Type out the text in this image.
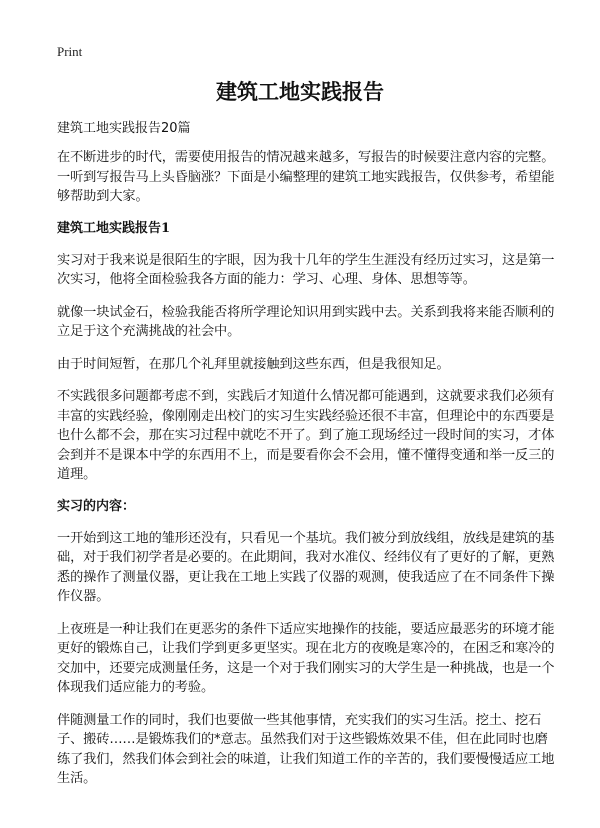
Print
建筑工地实践报告

建筑工地实践报告20篇

在不断进步的时代，需要使用报告的情况越来越多，写报告的时候要注意内容的完整。一听到写报告马上头昏脑涨？下面是小编整理的建筑工地实践报告，仅供参考，希望能够帮助到大家。

建筑工地实践报告1

实习对于我来说是很陌生的字眼，因为我十几年的学生生涯没有经历过实习，这是第一次实习，他将全面检验我各方面的能力：学习、心理、身体、思想等等。

就像一块试金石，检验我能否将所学理论知识用到实践中去。关系到我将来能否顺利的立足于这个充满挑战的社会中。

由于时间短暂，在那几个礼拜里就接触到这些东西，但是我很知足。

不实践很多问题都考虑不到，实践后才知道什么情况都可能遇到，这就要求我们必须有丰富的实践经验，像刚刚走出校门的实习生实践经验还很不丰富，但理论中的东西要是也什么都不会，那在实习过程中就吃不开了。到了施工现场经过一段时间的实习，才体会到并不是课本中学的东西用不上，而是要看你会不会用，懂不懂得变通和举一反三的道理。

实习的内容：

一开始到这工地的雏形还没有，只看见一个基坑。我们被分到放线组，放线是建筑的基础，对于我们初学者是必要的。在此期间，我对水准仪、经纬仪有了更好的了解，更熟悉的操作了测量仪器，更让我在工地上实践了仪器的观测，使我适应了在不同条件下操作仪器。

上夜班是一种让我们在更恶劣的条件下适应实地操作的技能，要适应最恶劣的环境才能更好的锻炼自己，让我们学到更多更坚实。现在北方的夜晚是寒冷的，在困乏和寒冷的交加中，还要完成测量任务，这是一个对于我们刚实习的大学生是一种挑战，也是一个体现我们适应能力的考验。

伴随测量工作的同时，我们也要做一些其他事情，充实我们的实习生活。挖土、挖石子、搬砖……是锻炼我们的*意志。虽然我们对于这些锻炼效果不佳，但在此同时也磨练了我们，然我们体会到社会的味道，让我们知道工作的辛苦的，我们要慢慢适应工地生活。
